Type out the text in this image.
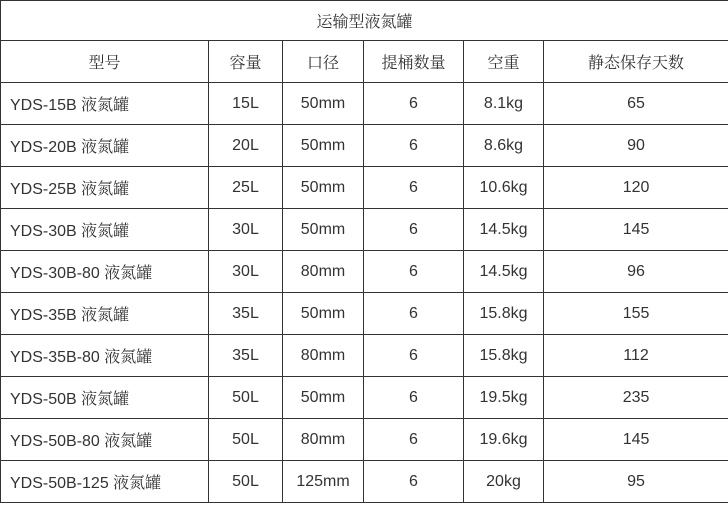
运输型液氮罐					
型号	容量	口径	提桶数量	空重	静态保存天数
YDS-15B 液氮罐	15L	50mm	6	8.1kg	65
YDS-20B 液氮罐	20L	50mm	6	8.6kg	90
YDS-25B 液氮罐	25L	50mm	6	10.6kg	120
YDS-30B 液氮罐	30L	50mm	6	14.5kg	145
YDS-30B-80 液氮罐	30L	80mm	6	14.5kg	96
YDS-35B 液氮罐	35L	50mm	6	15.8kg	155
YDS-35B-80 液氮罐	35L	80mm	6	15.8kg	112
YDS-50B 液氮罐	50L	50mm	6	19.5kg	235
YDS-50B-80 液氮罐	50L	80mm	6	19.6kg	145
YDS-50B-125 液氮罐	50L	125mm	6	20kg	95
